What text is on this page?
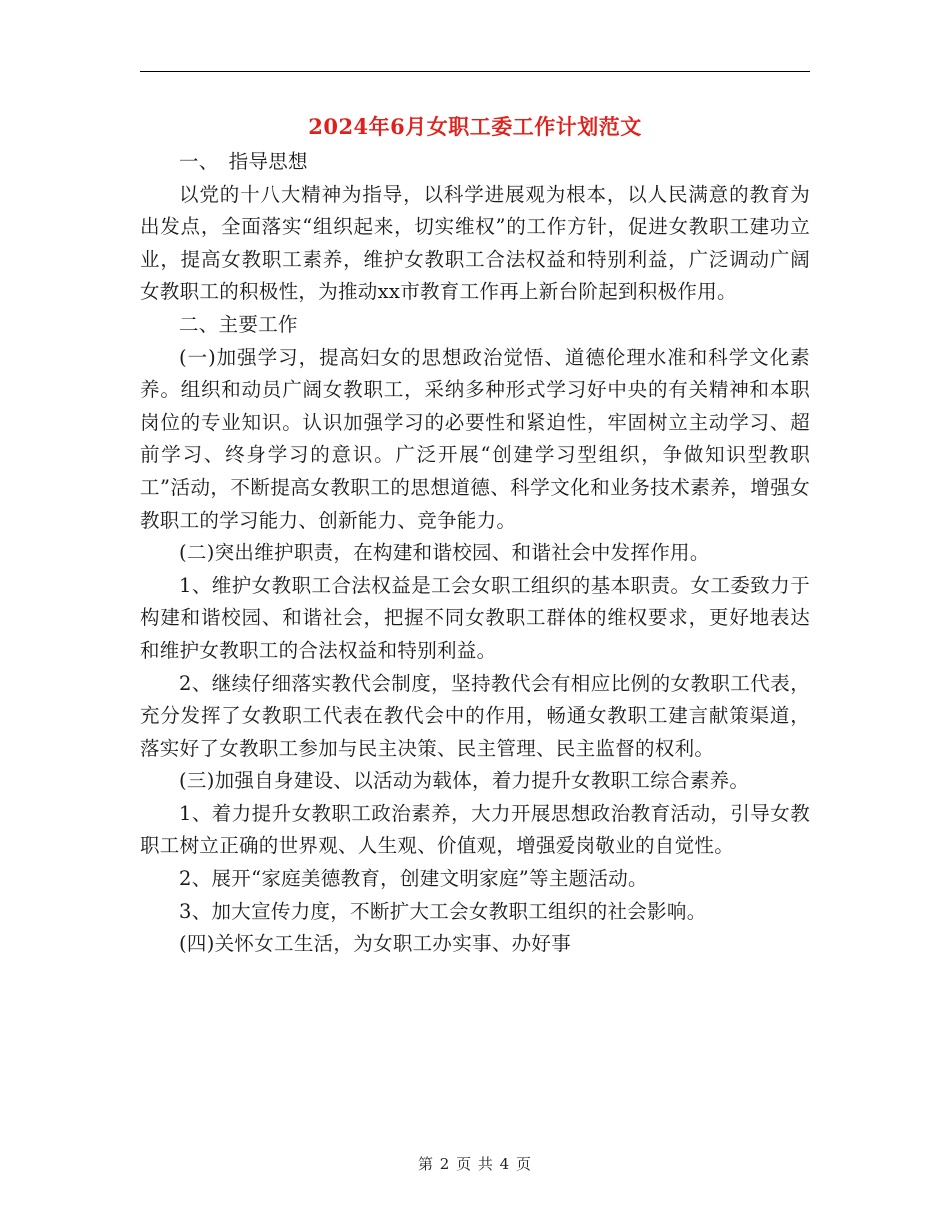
2024年6月女职工委工作计划范文

一、　指导思想

以党的十八大精神为指导，以科学进展观为根本，以人民满意的教育为出发点，全面落实“组织起来，切实维权”的工作方针，促进女教职工建功立业，提高女教职工素养，维护女教职工合法权益和特别利益，广泛调动广阔女教职工的积极性，为推动xx市教育工作再上新台阶起到积极作用。

二、主要工作

(一)加强学习，提高妇女的思想政治觉悟、道德伦理水准和科学文化素养。组织和动员广阔女教职工，采纳多种形式学习好中央的有关精神和本职岗位的专业知识。认识加强学习的必要性和紧迫性，牢固树立主动学习、超前学习、终身学习的意识。广泛开展“创建学习型组织，争做知识型教职工”活动，不断提高女教职工的思想道德、科学文化和业务技术素养，增强女教职工的学习能力、创新能力、竞争能力。

(二)突出维护职责，在构建和谐校园、和谐社会中发挥作用。

1、维护女教职工合法权益是工会女职工组织的基本职责。女工委致力于构建和谐校园、和谐社会，把握不同女教职工群体的维权要求，更好地表达和维护女教职工的合法权益和特别利益。

2、继续仔细落实教代会制度，坚持教代会有相应比例的女教职工代表，充分发挥了女教职工代表在教代会中的作用，畅通女教职工建言献策渠道，落实好了女教职工参加与民主决策、民主管理、民主监督的权利。

(三)加强自身建设、以活动为载体，着力提升女教职工综合素养。

1、着力提升女教职工政治素养，大力开展思想政治教育活动，引导女教职工树立正确的世界观、人生观、价值观，增强爱岗敬业的自觉性。

2、展开“家庭美德教育，创建文明家庭”等主题活动。

3、加大宣传力度，不断扩大工会女教职工组织的社会影响。

(四)关怀女工生活，为女职工办实事、办好事

第 2 页 共 4 页
